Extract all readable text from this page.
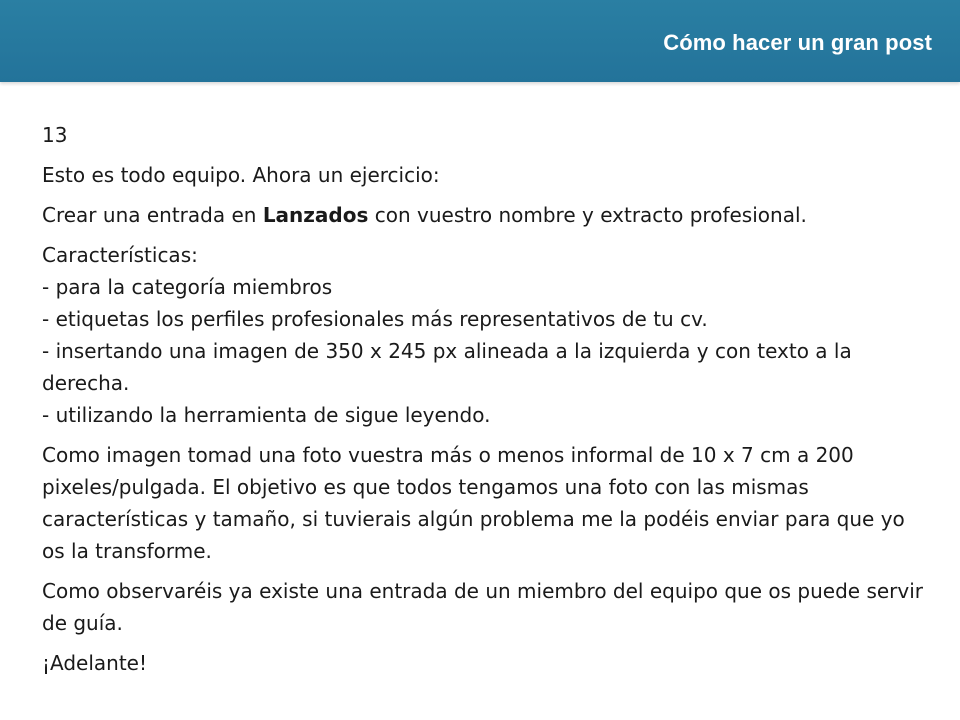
Cómo hacer un gran post

13

Esto es todo equipo. Ahora un ejercicio:

Crear una entrada en Lanzados con vuestro nombre y extracto profesional.

Características:
- para la categoría miembros
- etiquetas los perfiles profesionales más representativos de tu cv.
- insertando una imagen de 350 x 245 px alineada a la izquierda y con texto a la derecha.
- utilizando la herramienta de sigue leyendo.

Como imagen tomad una foto vuestra más o menos informal de 10 x 7 cm a 200 pixeles/pulgada. El objetivo es que todos tengamos una foto con las mismas características y tamaño, si tuvierais algún problema me la podéis enviar para que yo os la transforme.

Como observaréis ya existe una entrada de un miembro del equipo que os puede servir de guía.

¡Adelante!
